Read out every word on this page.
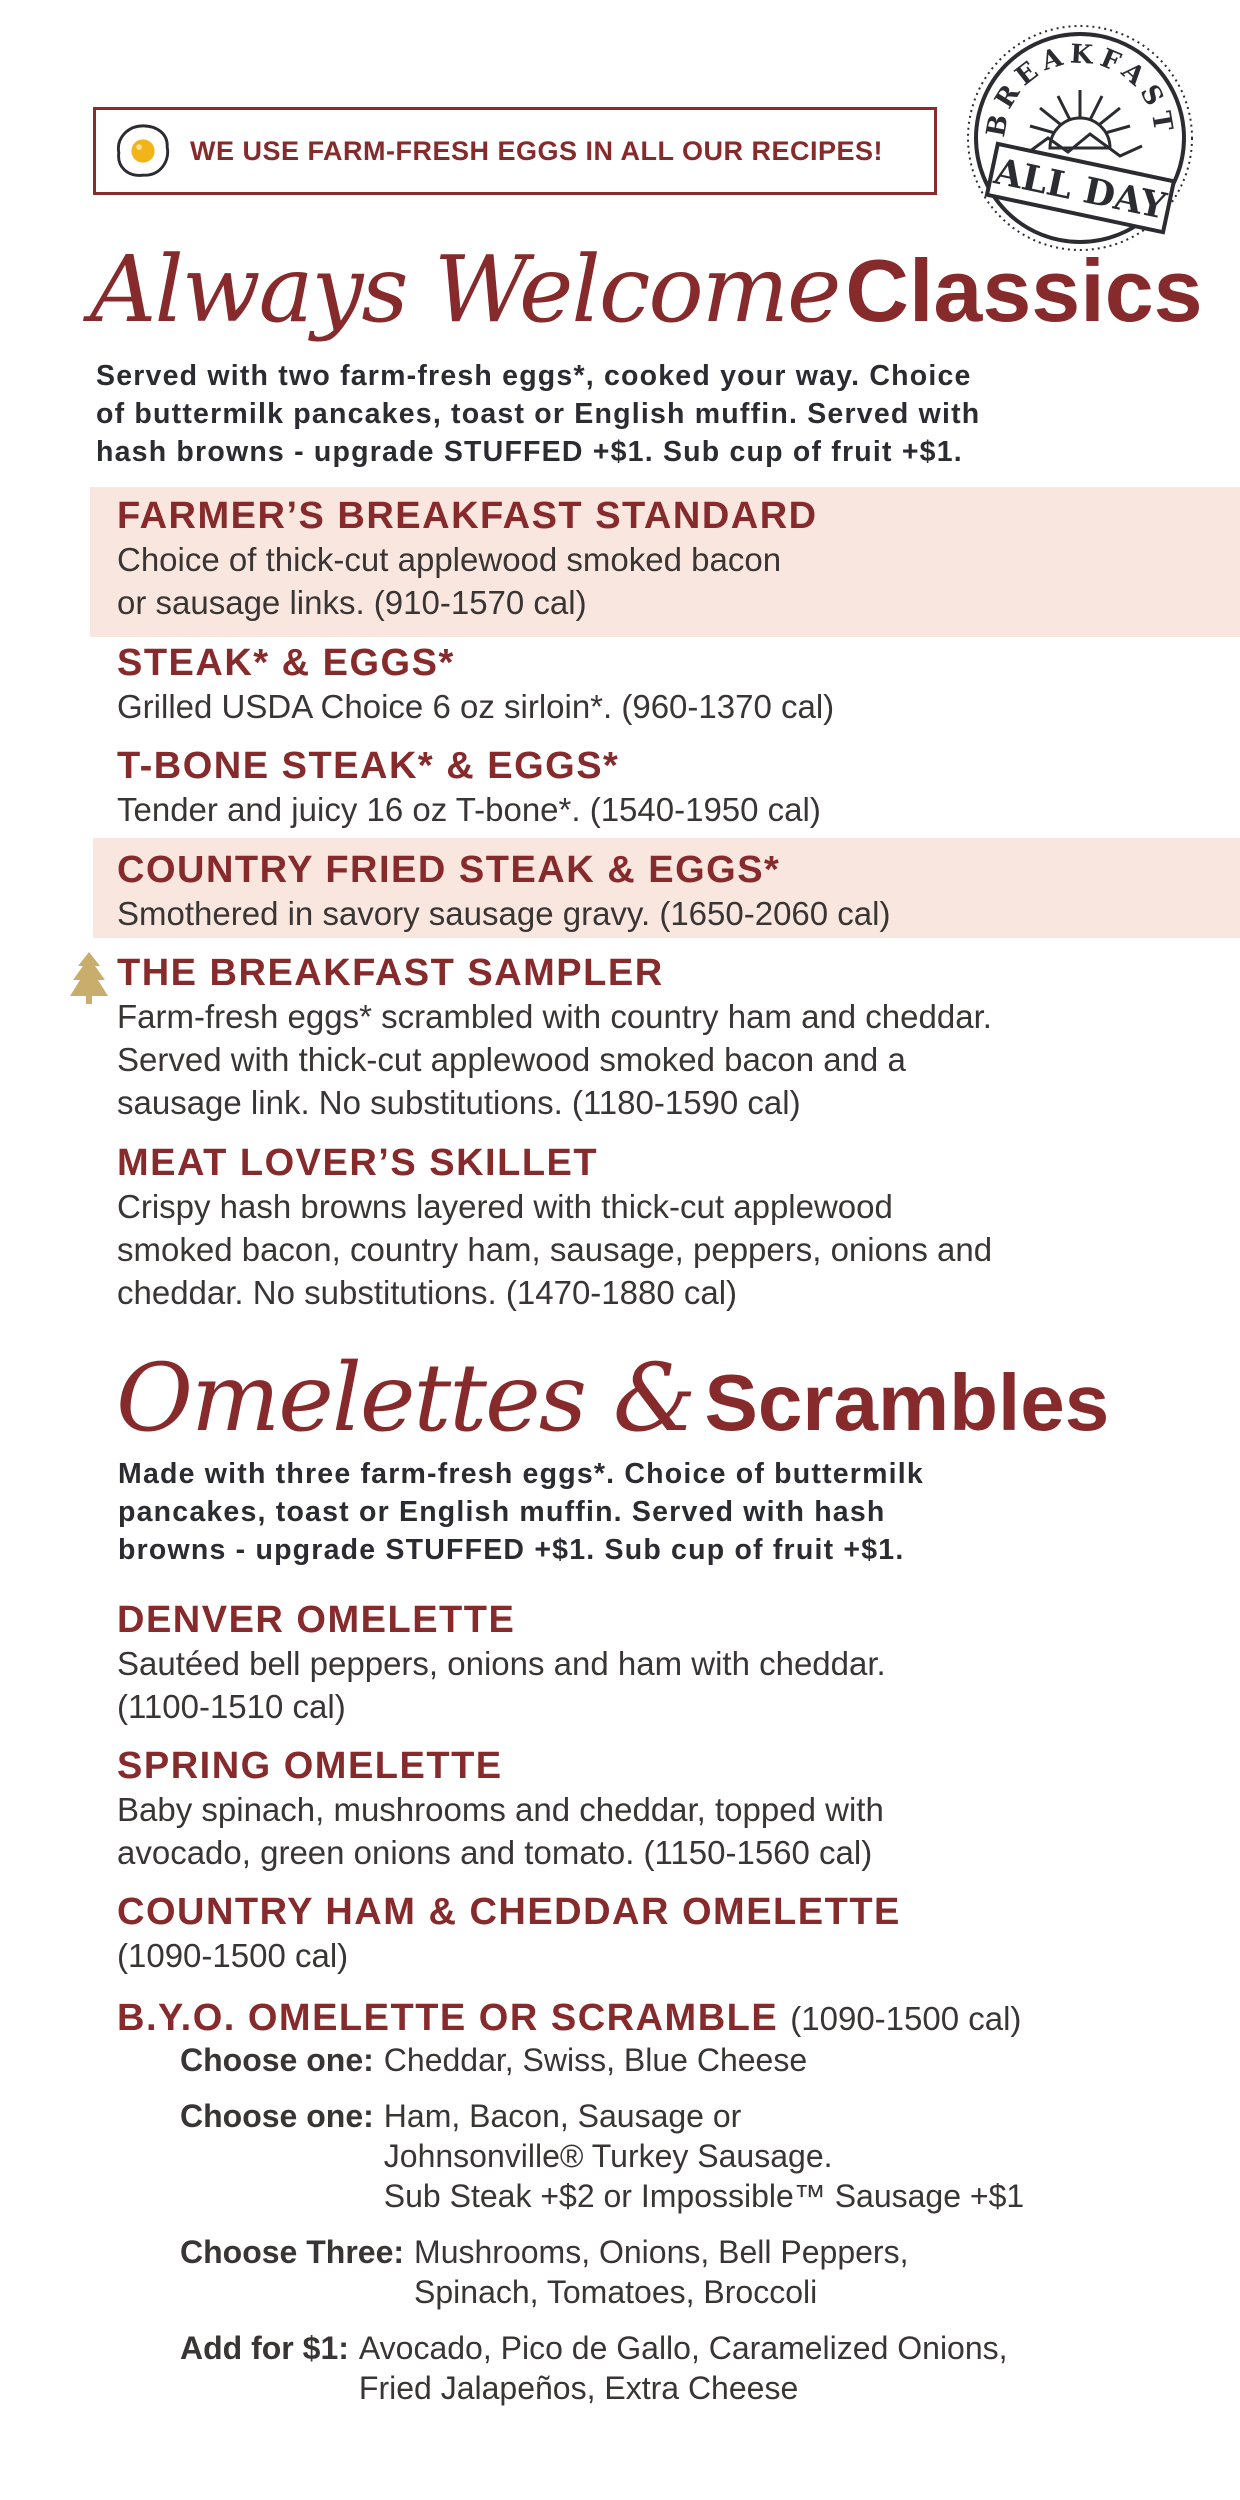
WE USE FARM-FRESH EGGS IN ALL OUR RECIPES!
BREAKFAST
ALL DAY
Always WelcomeClassics
Served with two farm-fresh eggs*, cooked your way. Choice
of buttermilk pancakes, toast or English muffin. Served with
hash browns - upgrade STUFFED +$1. Sub cup of fruit +$1.
FARMER’S BREAKFAST STANDARD
Choice of thick-cut applewood smoked bacon
or sausage links. (910-1570 cal)
STEAK* & EGGS*
Grilled USDA Choice 6 oz sirloin*. (960-1370 cal)
T-BONE STEAK* & EGGS*
Tender and juicy 16 oz T-bone*. (1540-1950 cal)
COUNTRY FRIED STEAK & EGGS*
Smothered in savory sausage gravy. (1650-2060 cal)
THE BREAKFAST SAMPLER
Farm-fresh eggs* scrambled with country ham and cheddar.
Served with thick-cut applewood smoked bacon and a
sausage link. No substitutions. (1180-1590 cal)
MEAT LOVER’S SKILLET
Crispy hash browns layered with thick-cut applewood
smoked bacon, country ham, sausage, peppers, onions and
cheddar. No substitutions. (1470-1880 cal)
Omelettes & Scrambles
Made with three farm-fresh eggs*. Choice of buttermilk
pancakes, toast or English muffin. Served with hash
browns - upgrade STUFFED +$1. Sub cup of fruit +$1.
DENVER OMELETTE
Sautéed bell peppers, onions and ham with cheddar.
(1100-1510 cal)
SPRING OMELETTE
Baby spinach, mushrooms and cheddar, topped with
avocado, green onions and tomato. (1150-1560 cal)
COUNTRY HAM & CHEDDAR OMELETTE
(1090-1500 cal)
B.Y.O. OMELETTE OR SCRAMBLE (1090-1500 cal)
Choose one: Cheddar, Swiss, Blue Cheese
Choose one: Ham, Bacon, Sausage or
Johnsonville® Turkey Sausage.
Sub Steak +$2 or Impossible™ Sausage +$1
Choose Three: Mushrooms, Onions, Bell Peppers,
Spinach, Tomatoes, Broccoli
Add for $1: Avocado, Pico de Gallo, Caramelized Onions,
Fried Jalapeños, Extra Cheese
